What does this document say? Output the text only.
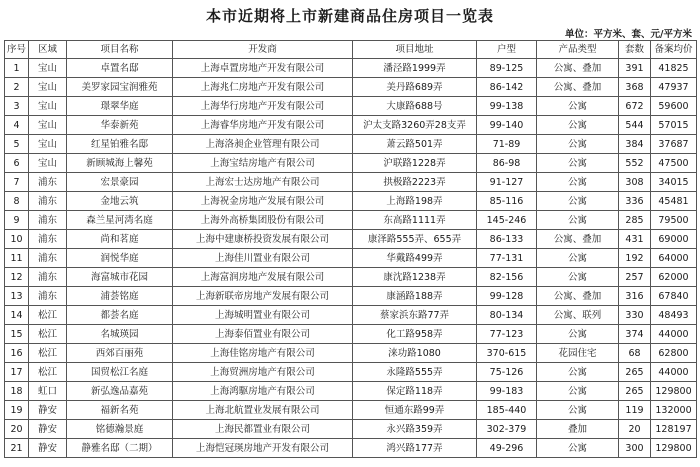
本市近期将上市新建商品住房项目一览表
单位：平方米、套、元/平方米
序号	区域	项目名称	开发商	项目地址	户型	产品类型	套数	备案均价
1	宝山	卓置名邸	上海卓置房地产开发有限公司	潘泾路1999弄	89-125	公寓、叠加	391	41825
2	宝山	美罗家园宝润雅苑	上海兆仁房地产开发有限公司	美丹路689弄	86-142	公寓、叠加	368	47937
3	宝山	璟翠华庭	上海华行房地产开发有限公司	大康路688号	99-138	公寓	672	59600
4	宝山	华泰新苑	上海睿华房地产开发有限公司	沪太支路3260弄28支弄	99-140	公寓	544	57015
5	宝山	红星铂雅名邸	上海洛昶企业管理有限公司	萧云路501弄	71-89	公寓	384	37687
6	宝山	新顾城海上馨苑	上海宝结房地产有限公司	沪联路1228弄	86-98	公寓	552	47500
7	浦东	宏景豪园	上海宏士达房地产有限公司	拱极路2223弄	91-127	公寓	308	34015
8	浦东	金地云筑	上海祝金房地产发展有限公司	上海路198弄	85-116	公寓	336	45481
9	浦东	森兰星河湾名庭	上海外高桥集团股份有限公司	东高路1111弄	145-246	公寓	285	79500
10	浦东	尚和茗庭	上海中建康桥投资发展有限公司	康泽路555弄、655弄	86-133	公寓、叠加	431	69000
11	浦东	润悦华庭	上海佳川置业有限公司	华戴路499弄	77-131	公寓	192	64000
12	浦东	海富城市花园	上海富润房地产发展有限公司	康沈路1238弄	82-156	公寓	257	62000
13	浦东	浦荟铭庭	上海新联帝房地产发展有限公司	康涵路188弄	99-128	公寓、叠加	316	67840
14	松江	都荟名庭	上海城明置业有限公司	蔡家浜东路77弄	80-134	公寓、联列	330	48493
15	松江	名城瑛园	上海泰佰置业有限公司	化工路958弄	77-123	公寓	374	44000
16	松江	西郊百丽苑	上海佳铭房地产有限公司	涞功路1080	370-615	花园住宅	68	62800
17	松江	国贸松江名庭	上海贸洲房地产有限公司	永隆路555弄	75-126	公寓	265	44000
18	虹口	新弘逸品嘉苑	上海鸿駆房地产有限公司	保定路118弄	99-183	公寓	265	129800
19	静安	福新名苑	上海北航置业发展有限公司	恒通东路99弄	185-440	公寓	119	132000
20	静安	铭德瀚景庭	上海民都置业有限公司	永兴路359弄	302-379	叠加	20	128197
21	静安	静雅名邸（二期）	上海恺冠瑛房地产开发有限公司	鸿兴路177弄	49-296	公寓	300	129800
